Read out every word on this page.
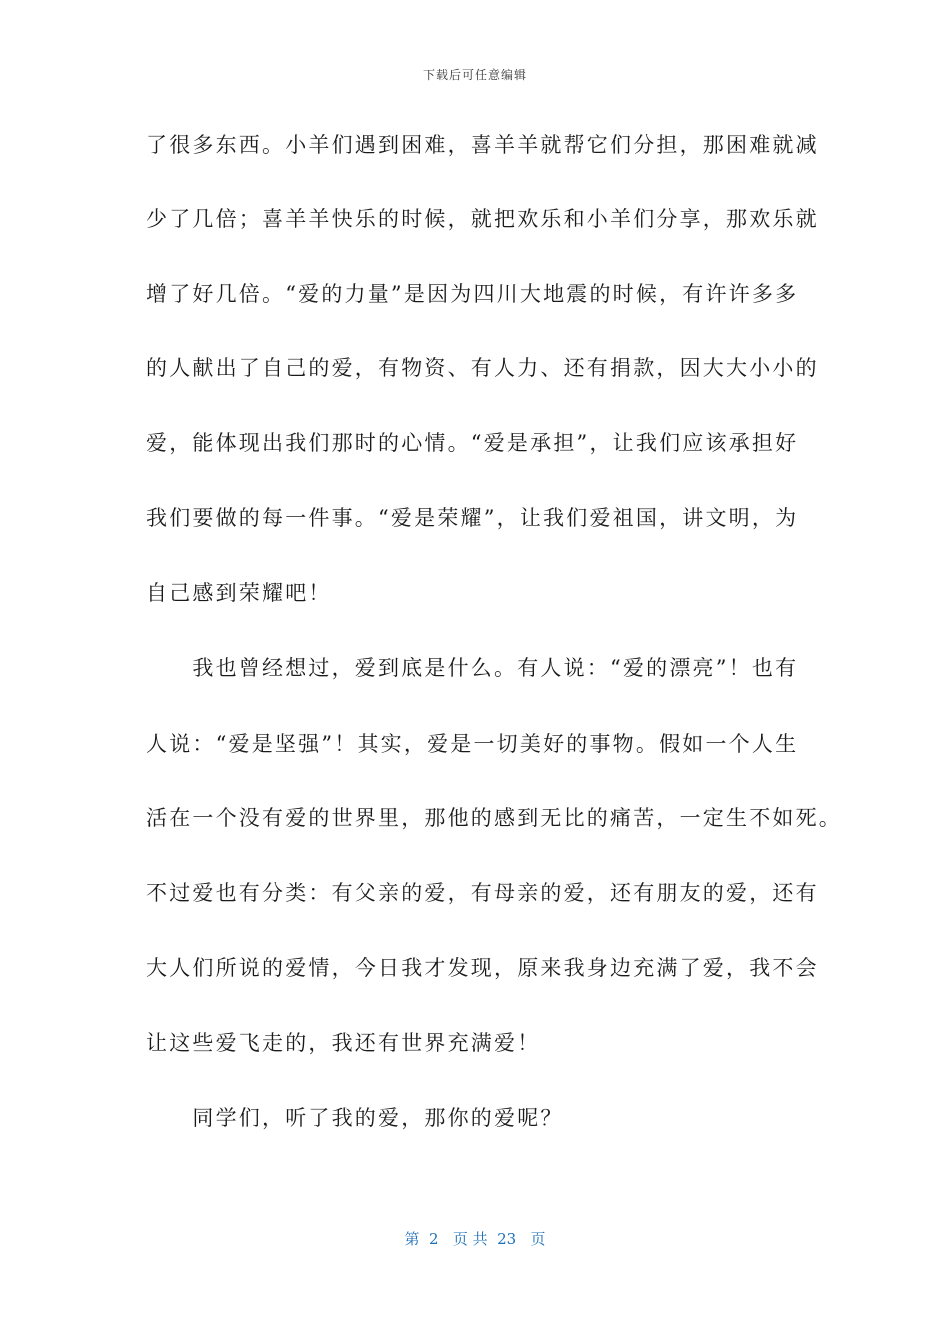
下载后可任意编辑
了很多东西。小羊们遇到困难，喜羊羊就帮它们分担，那困难就减
少了几倍；喜羊羊快乐的时候，就把欢乐和小羊们分享，那欢乐就
增了好几倍。“爱的力量”是因为四川大地震的时候，有许许多多
的人献出了自己的爱，有物资、有人力、还有捐款，因大大小小的
爱，能体现出我们那时的心情。“爱是承担”，让我们应该承担好
我们要做的每一件事。“爱是荣耀”，让我们爱祖国，讲文明，为
自己感到荣耀吧！
　　我也曾经想过，爱到底是什么。有人说：“爱的漂亮”！也有
人说：“爱是坚强”！其实，爱是一切美好的事物。假如一个人生
活在一个没有爱的世界里，那他的感到无比的痛苦，一定生不如死。
不过爱也有分类：有父亲的爱，有母亲的爱，还有朋友的爱，还有
大人们所说的爱情，今日我才发现，原来我身边充满了爱，我不会
让这些爱飞走的，我还有世界充满爱！
　　同学们，听了我的爱，那你的爱呢？
第  2   页 共  23   页
